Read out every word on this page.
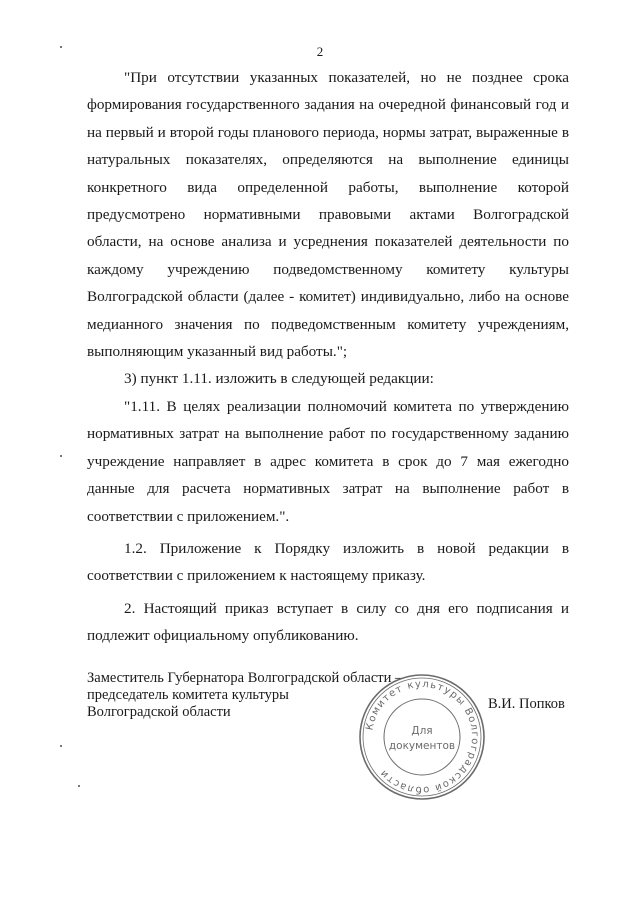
2

"При отсутствии указанных показателей, но не позднее срока формирования государственного задания на очередной финансовый год и на первый и второй годы планового периода, нормы затрат, выраженные в натуральных показателях, определяются на выполнение единицы конкретного вида определенной работы, выполнение которой предусмотрено нормативными правовыми актами Волгоградской области, на основе анализа и усреднения показателей деятельности по каждому учреждению подведомственному комитету культуры Волгоградской области (далее - комитет) индивидуально, либо на основе медианного значения по подведомственным комитету учреждениям, выполняющим указанный вид работы.";

3) пункт 1.11. изложить в следующей редакции:

"1.11. В целях реализации полномочий комитета по утверждению нормативных затрат на выполнение работ по государственному заданию учреждение направляет в адрес комитета в срок до 7 мая ежегодно данные для расчета нормативных затрат на выполнение работ в соответствии с приложением.".

1.2. Приложение к Порядку изложить в новой редакции в соответствии с приложением к настоящему приказу.

2. Настоящий приказ вступает в силу со дня его подписания и подлежит официальному опубликованию.

Заместитель Губернатора Волгоградской области –
председатель комитета культуры
Волгоградской области
Комитет культуры Волгоградской области
Для
документов
В.И. Попков
